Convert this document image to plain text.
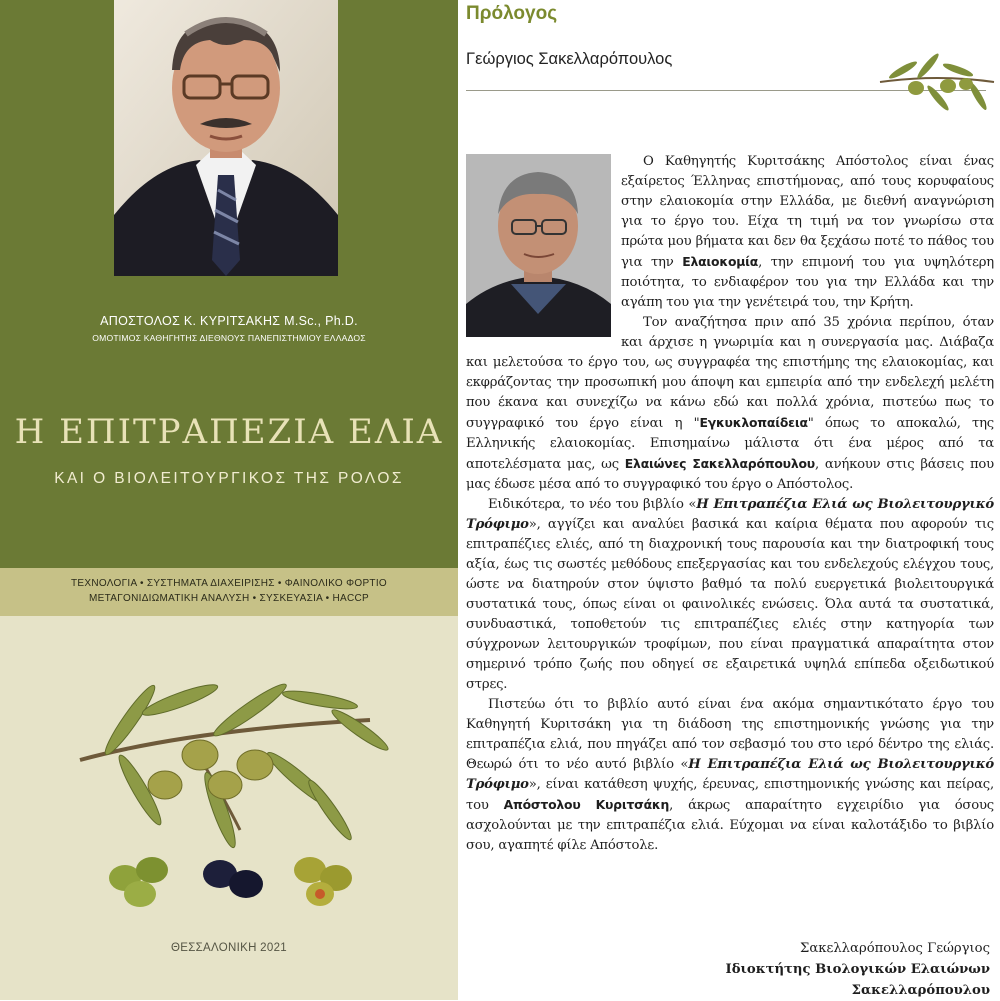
ΑΠΟΣΤΟΛΟΣ Κ. ΚΥΡΙΤΣΑΚΗΣ M.Sc., Ph.D.
ΟΜΟΤΙΜΟΣ ΚΑΘΗΓΗΤΗΣ ΔΙΕΘΝΟΥΣ ΠΑΝΕΠΙΣΤΗΜΙΟΥ ΕΛΛΑΔΟΣ
Η ΕΠΙΤΡΑΠΕΖΙΑ ΕΛΙΑ
ΚΑΙ Ο ΒΙΟΛΕΙΤΟΥΡΓΙΚΟΣ ΤΗΣ ΡΟΛΟΣ
ΤΕΧΝΟΛΟΓΙΑ • ΣΥΣΤΗΜΑΤΑ ΔΙΑΧΕΙΡΙΣΗΣ • ΦΑΙΝΟΛΙΚΟ ΦΟΡΤΙΟ
ΜΕΤΑΓΟΝΙΔΙΩΜΑΤΙΚΗ ΑΝΑΛΥΣΗ • ΣΥΣΚΕΥΑΣΙΑ • HACCP
ΘΕΣΣΑΛΟΝΙΚΗ 2021
Πρόλογος
Γεώργιος Σακελλαρόπουλος

Ο Καθηγητής Κυριτσάκης Απόστολος είναι ένας εξαίρετος Έλληνας επιστήμονας, από τους κορυφαίους στην ελαιοκομία στην Ελλάδα, με διεθνή αναγνώριση για το έργο του. Είχα τη τιμή να τον γνωρίσω στα πρώτα μου βήματα και δεν θα ξεχάσω ποτέ το πάθος του για την Ελαιοκομία, την επιμονή του για υψηλότερη ποιότητα, το ενδιαφέρον του για την Ελλάδα και την αγάπη του για την γενέτειρά του, την Κρήτη.

Τον αναζήτησα πριν από 35 χρόνια περίπου, όταν και άρχισε η γνωριμία και η συνεργασία μας. Διάβαζα και μελετούσα το έργο του, ως συγγραφέα της επιστήμης της ελαιοκομίας, και εκφράζοντας την προσωπική μου άποψη και εμπειρία από την ενδελεχή μελέτη που έκανα και συνεχίζω να κάνω εδώ και πολλά χρόνια, πιστεύω πως το συγγραφικό του έργο είναι η "Εγκυκλοπαίδεια" όπως το αποκαλώ, της Ελληνικής ελαιοκομίας. Επισημαίνω μάλιστα ότι ένα μέρος από τα αποτελέσματα μας, ως Ελαιώνες Σακελλαρόπουλου, ανήκουν στις βάσεις που μας έδωσε μέσα από το συγγραφικό του έργο ο Απόστολος.

Ειδικότερα, το νέο του βιβλίο «Η Επιτραπέζια Ελιά ως Βιολειτουργικό Τρόφιμο», αγγίζει και αναλύει βασικά και καίρια θέματα που αφορούν τις επιτραπέζιες ελιές, από τη διαχρονική τους παρουσία και την διατροφική τους αξία, έως τις σωστές μεθόδους επεξεργασίας και του ενδελεχούς ελέγχου τους, ώστε να διατηρούν στον ύψιστο βαθμό τα πολύ ευεργετικά βιολειτουργικά συστατικά τους, όπως είναι οι φαινολικές ενώσεις. Όλα αυτά τα συστατικά, συνδυαστικά, τοποθετούν τις επιτραπέζιες ελιές στην κατηγορία των σύγχρονων λειτουργικών τροφίμων, που είναι πραγματικά απαραίτητα στον σημερινό τρόπο ζωής που οδηγεί σε εξαιρετικά υψηλά επίπεδα οξειδωτικού στρες.

Πιστεύω ότι το βιβλίο αυτό είναι ένα ακόμα σημαντικότατο έργο του Καθηγητή Κυριτσάκη για τη διάδοση της επιστημονικής γνώσης για την επιτραπέζια ελιά, που πηγάζει από τον σεβασμό του στο ιερό δέντρο της ελιάς. Θεωρώ ότι το νέο αυτό βιβλίο «Η Επιτραπέζια Ελιά ως Βιολειτουργικό Τρόφιμο», είναι κατάθεση ψυχής, έρευνας, επιστημονικής γνώσης και πείρας, του Απόστολου Κυριτσάκη, άκρως απαραίτητο εγχειρίδιο για όσους ασχολούνται με την επιτραπέζια ελιά. Εύχομαι να είναι καλοτάξιδο το βιβλίο σου, αγαπητέ φίλε Απόστολε.

Σακελλαρόπουλος Γεώργιος
Ιδιοκτήτης Βιολογικών Ελαιώνων
Σακελλαρόπουλου
